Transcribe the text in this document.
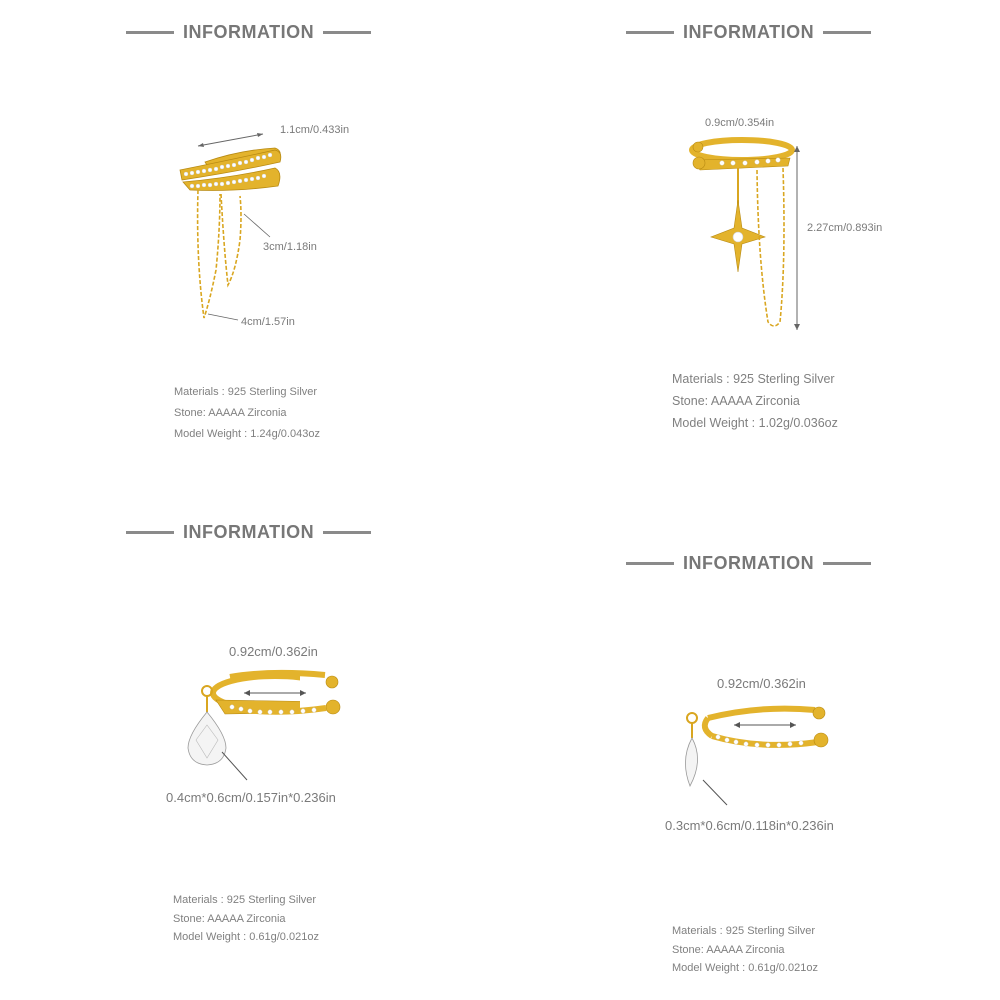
INFORMATION
1.1cm/0.433in
3cm/1.18in
4cm/1.57in
Materials : 925 Sterling Silver
Stone: AAAAA Zirconia
Model Weight : 1.24g/0.043oz
INFORMATION
0.9cm/0.354in
2.27cm/0.893in
Materials : 925 Sterling Silver
Stone: AAAAA Zirconia
Model Weight : 1.02g/0.036oz
INFORMATION
0.92cm/0.362in
0.4cm*0.6cm/0.157in*0.236in
Materials : 925 Sterling Silver
Stone: AAAAA Zirconia
Model Weight : 0.61g/0.021oz
INFORMATION
0.92cm/0.362in
0.3cm*0.6cm/0.118in*0.236in
Materials : 925 Sterling Silver
Stone: AAAAA Zirconia
Model Weight : 0.61g/0.021oz
